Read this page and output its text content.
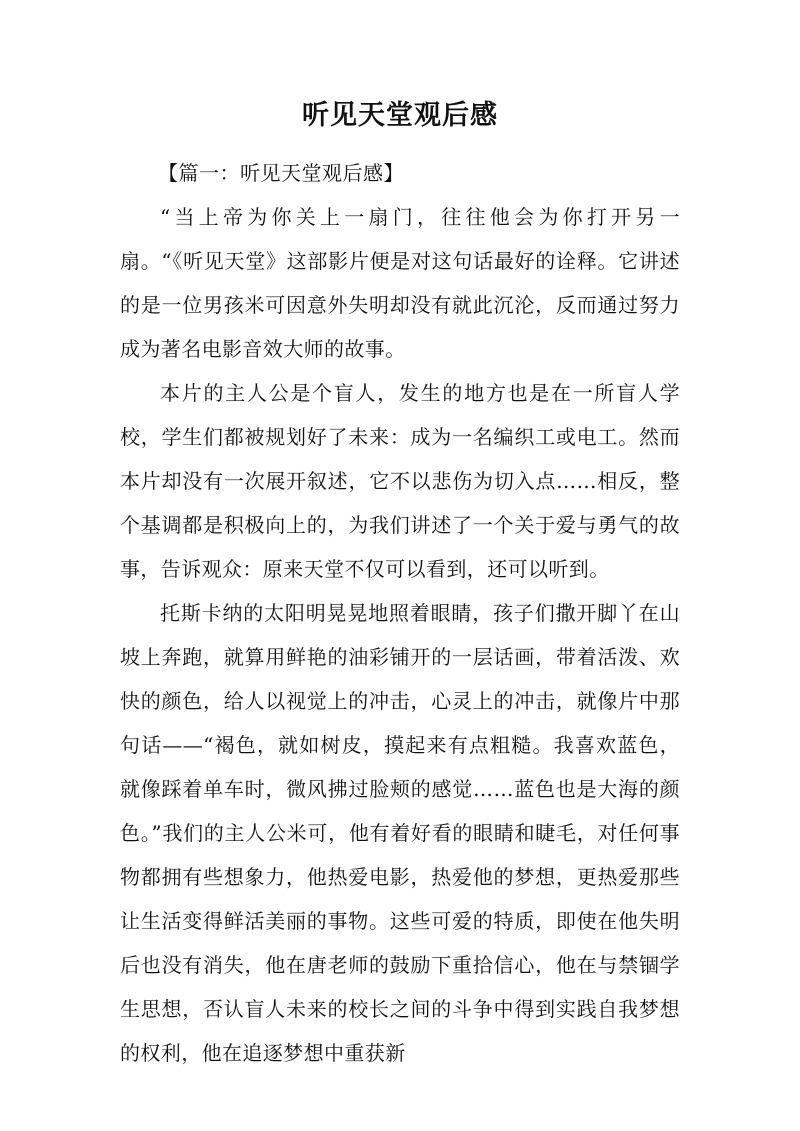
听见天堂观后感
【篇一：听见天堂观后感】

“当上帝为你关上一扇门，往往他会为你打开另一扇。“《听见天堂》这部影片便是对这句话最好的诠释。它讲述的是一位男孩米可因意外失明却没有就此沉沦，反而通过努力成为著名电影音效大师的故事。

本片的主人公是个盲人，发生的地方也是在一所盲人学校，学生们都被规划好了未来：成为一名编织工或电工。然而本片却没有一次展开叙述，它不以悲伤为切入点……相反，整个基调都是积极向上的，为我们讲述了一个关于爱与勇气的故事，告诉观众：原来天堂不仅可以看到，还可以听到。

托斯卡纳的太阳明晃晃地照着眼睛，孩子们撒开脚丫在山坡上奔跑，就算用鲜艳的油彩铺开的一层话画，带着活泼、欢快的颜色，给人以视觉上的冲击，心灵上的冲击，就像片中那句话——“褐色，就如树皮，摸起来有点粗糙。我喜欢蓝色，就像踩着单车时，微风拂过脸颊的感觉……蓝色也是大海的颜色。”我们的主人公米可，他有着好看的眼睛和睫毛，对任何事物都拥有些想象力，他热爱电影，热爱他的梦想，更热爱那些让生活变得鲜活美丽的事物。这些可爱的特质，即使在他失明后也没有消失，他在唐老师的鼓励下重拾信心，他在与禁锢学生思想，否认盲人未来的校长之间的斗争中得到实践自我梦想的权利，他在追逐梦想中重获新
